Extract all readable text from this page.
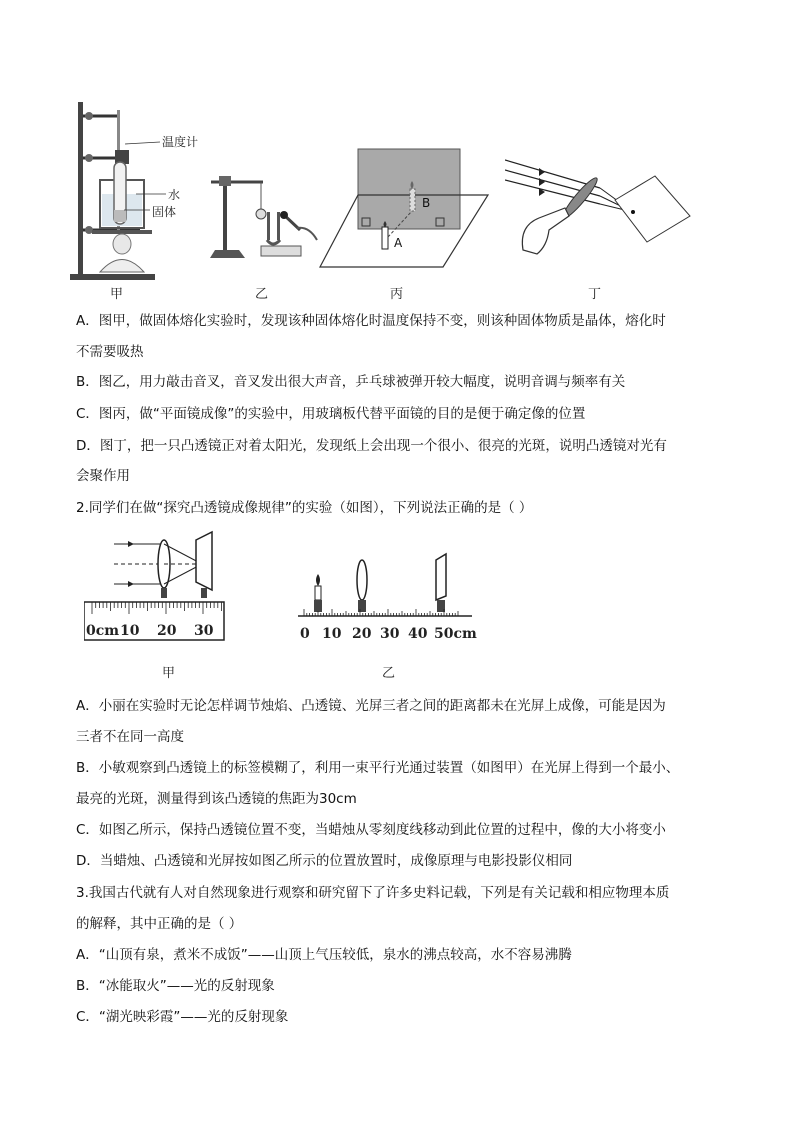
温度计
水
固体
甲	乙
B
A
丙	丁
A．图甲，做固体熔化实验时，发现该种固体熔化时温度保持不变，则该种固体物质是晶体，熔化时
不需要吸热
B．图乙，用力敲击音叉，音叉发出很大声音，乒乓球被弹开较大幅度，说明音调与频率有关
C．图丙，做“平面镜成像”的实验中，用玻璃板代替平面镜的目的是便于确定像的位置
D．图丁，把一只凸透镜正对着太阳光，发现纸上会出现一个很小、很亮的光斑，说明凸透镜对光有
会聚作用
2.同学们在做“探究凸透镜成像规律”的实验（如图），下列说法正确的是（ ）
0cm 10 20 30
甲
0 10 20 30 40 50cm
乙
A．小丽在实验时无论怎样调节烛焰、凸透镜、光屏三者之间的距离都未在光屏上成像，可能是因为
三者不在同一高度
B．小敏观察到凸透镜上的标签模糊了，利用一束平行光通过装置（如图甲）在光屏上得到一个最小、
最亮的光斑，测量得到该凸透镜的焦距为30cm
C．如图乙所示，保持凸透镜位置不变，当蜡烛从零刻度线移动到此位置的过程中，像的大小将变小
D．当蜡烛、凸透镜和光屏按如图乙所示的位置放置时，成像原理与电影投影仪相同
3.我国古代就有人对自然现象进行观察和研究留下了许多史料记载，下列是有关记载和相应物理本质
的解释，其中正确的是（ ）
A．“山顶有泉，煮米不成饭”——山顶上气压较低，泉水的沸点较高，水不容易沸腾
B．“冰能取火”——光的反射现象
C．“湖光映彩霞”——光的反射现象
